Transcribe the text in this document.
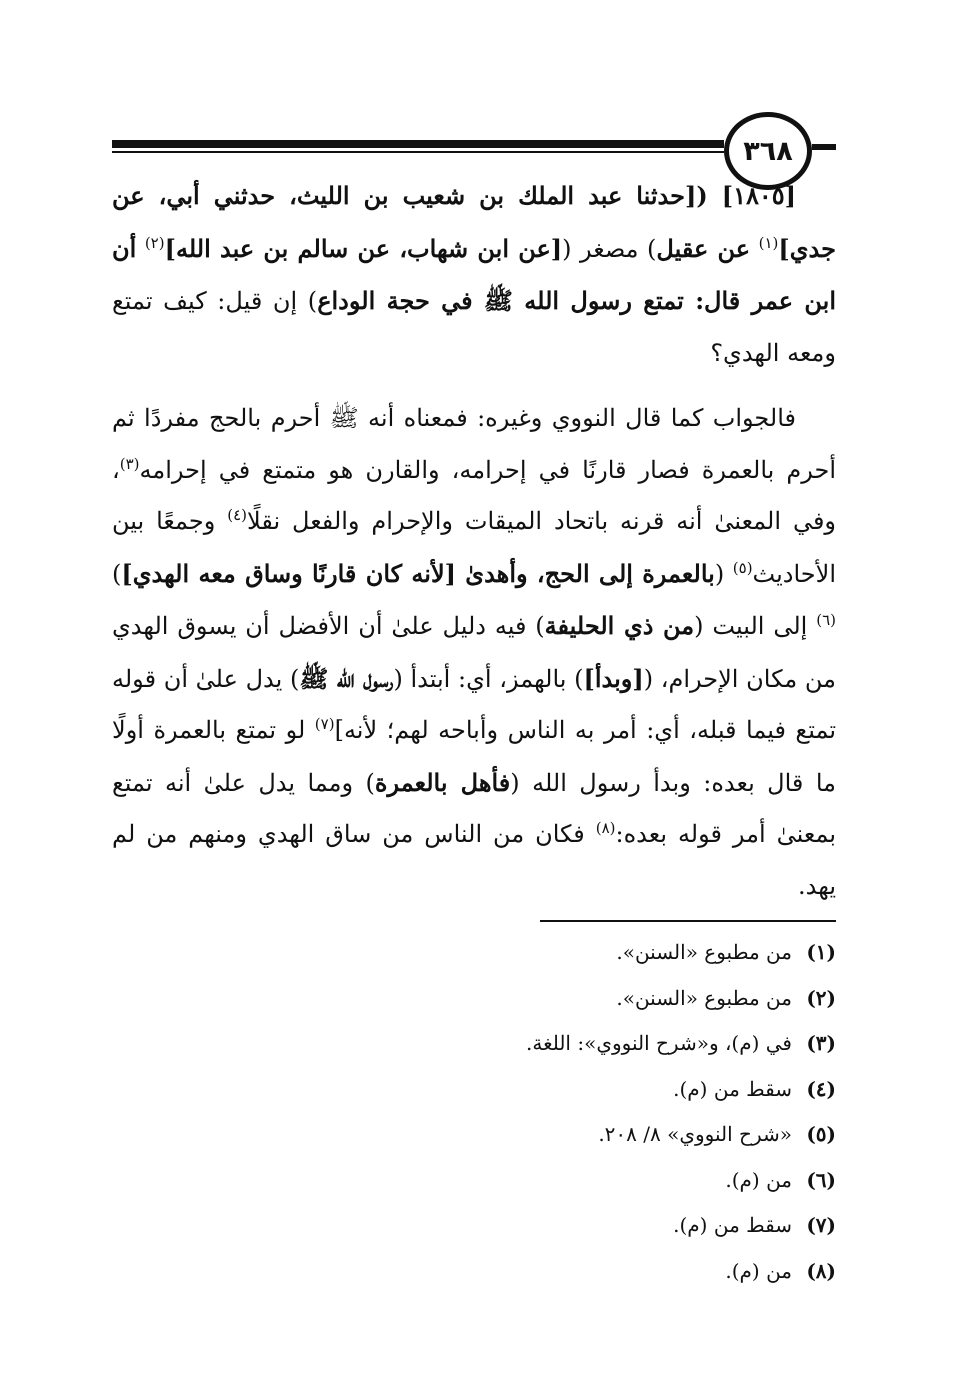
٣٦٨

[١٨٠٥] ([حدثنا عبد الملك بن شعيب بن الليث، حدثني أبي، عن جدي]$^{(١)}$ عن عقيل) مصغر ([عن ابن شهاب، عن سالم بن عبد الله]$^{(٢)}$ أن ابن عمر قال: تمتع رسول الله ﷺ في حجة الوداع) إن قيل: كيف تمتع ومعه الهدي؟

فالجواب كما قال النووي وغيره: فمعناه أنه ﷺ أحرم بالحج مفردًا ثم أحرم بالعمرة فصار قارنًا في إحرامه، والقارن هو متمتع في إحرامه$^{(٣)}$، وفي المعنىٰ أنه قرنه باتحاد الميقات والإحرام والفعل نقلًا$^{(٤)}$ وجمعًا بين الأحاديث$^{(٥)}$ (بالعمرة إلى الحج، وأهدىٰ [لأنه كان قارنًا وساق معه الهدي])$^{(٦)}$ إلى البيت (من ذي الحليفة) فيه دليل علىٰ أن الأفضل أن يسوق الهدي من مكان الإحرام، ([وبدأ]) بالهمز، أي: أبتدأ (رسول الله ﷺ) يدل علىٰ أن قوله تمتع فيما قبله، أي: أمر به الناس وأباحه لهم؛ لأنه]$^{(٧)}$ لو تمتع بالعمرة أولًا ما قال بعده: وبدأ رسول الله (فأهل بالعمرة) ومما يدل علىٰ أنه تمتع بمعنىٰ أمر قوله بعده:$^{(٨)}$ فكان من الناس من ساق الهدي ومنهم من لم يهد.

(١)من مطبوع «السنن».
(٢)من مطبوع «السنن».
(٣)في (م)، و«شرح النووي»: اللغة.
(٤)سقط من (م).
(٥)«شرح النووي» ٨/ ٢٠٨.
(٦)من (م).
(٧)سقط من (م).
(٨)من (م).
